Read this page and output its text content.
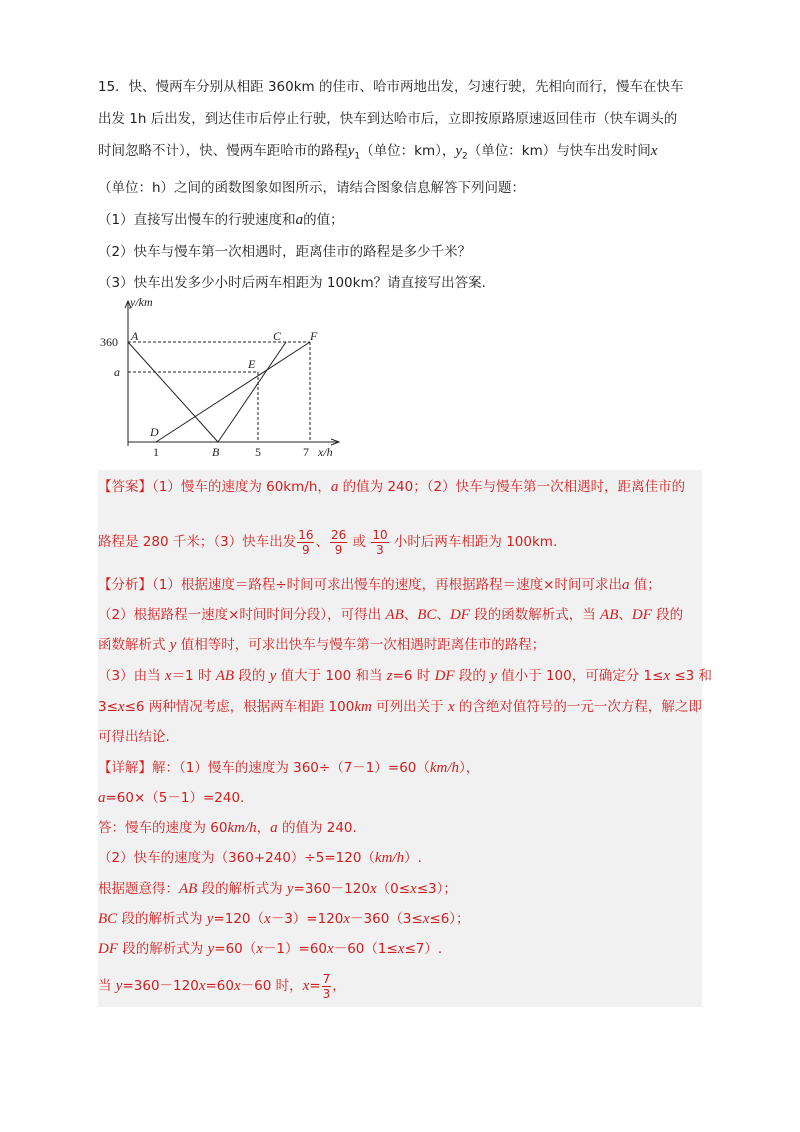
15．快、慢两车分别从相距 360km 的佳市、哈市两地出发，匀速行驶，先相向而行，慢车在快车

出发 1h 后出发，到达佳市后停止行驶，快车到达哈市后，立即按原路原速返回佳市（快车调头的

时间忽略不计），快、慢两车距哈市的路程$y_1$（单位：km），$y_2$（单位：km）与快车出发时间x

（单位：h）之间的函数图象如图所示，请结合图象信息解答下列问题：

（1）直接写出慢车的行驶速度和a的值；

（2）快车与慢车第一次相遇时，距离佳市的路程是多少千米？

（3）快车出发多少小时后两车相距为 100km？请直接写出答案.

y/km
x/h
360
a
1	5	7
A
B
C
D
E
F
【答案】（1）慢车的速度为 60km/h，a 的值为 240；（2）快车与慢车第一次相遇时，距离佳市的
路程是 280 千米；（3）快车出发 $\frac{16}{9}$ 、 $\frac{26}{9}$ 或 $\frac{10}{3}$ 小时后两车相距为 100km.
【分析】（1）根据速度＝路程÷时间可求出慢车的速度，再根据路程＝速度×时间可求出a 值；
（2）根据路程一速度×时间时间分段），可得出 AB、BC、DF 段的函数解析式，当 AB、DF 段的
函数解析式 y 值相等时，可求出快车与慢车第一次相遇时距离佳市的路程；
（3）由当 x＝1 时 AB 段的 y 值大于 100 和当 z=6 时 DF 段的 y 值小于 100，可确定分 1≤x ≤3 和
3≤x≤6 两种情况考虑，根据两车相距 100km 可列出关于 x 的含绝对值符号的一元一次方程，解之即
可得出结论.
【详解】解：（1）慢车的速度为 360÷（7－1）=60（km/h），
a=60×（5－1）=240.
答：慢车的速度为 60km/h，a 的值为 240.
（2）快车的速度为（360+240）÷5=120（km/h）.
根据题意得：AB 段的解析式为 y=360－120x（0≤x≤3）；
BC 段的解析式为 y=120（x－3）=120x－360（3≤x≤6）；
DF 段的解析式为 y=60（x－1）=60x－60（1≤x≤7）.
当 y=360－120x=60x－60 时，$x= \frac{7}{3}$ ，
